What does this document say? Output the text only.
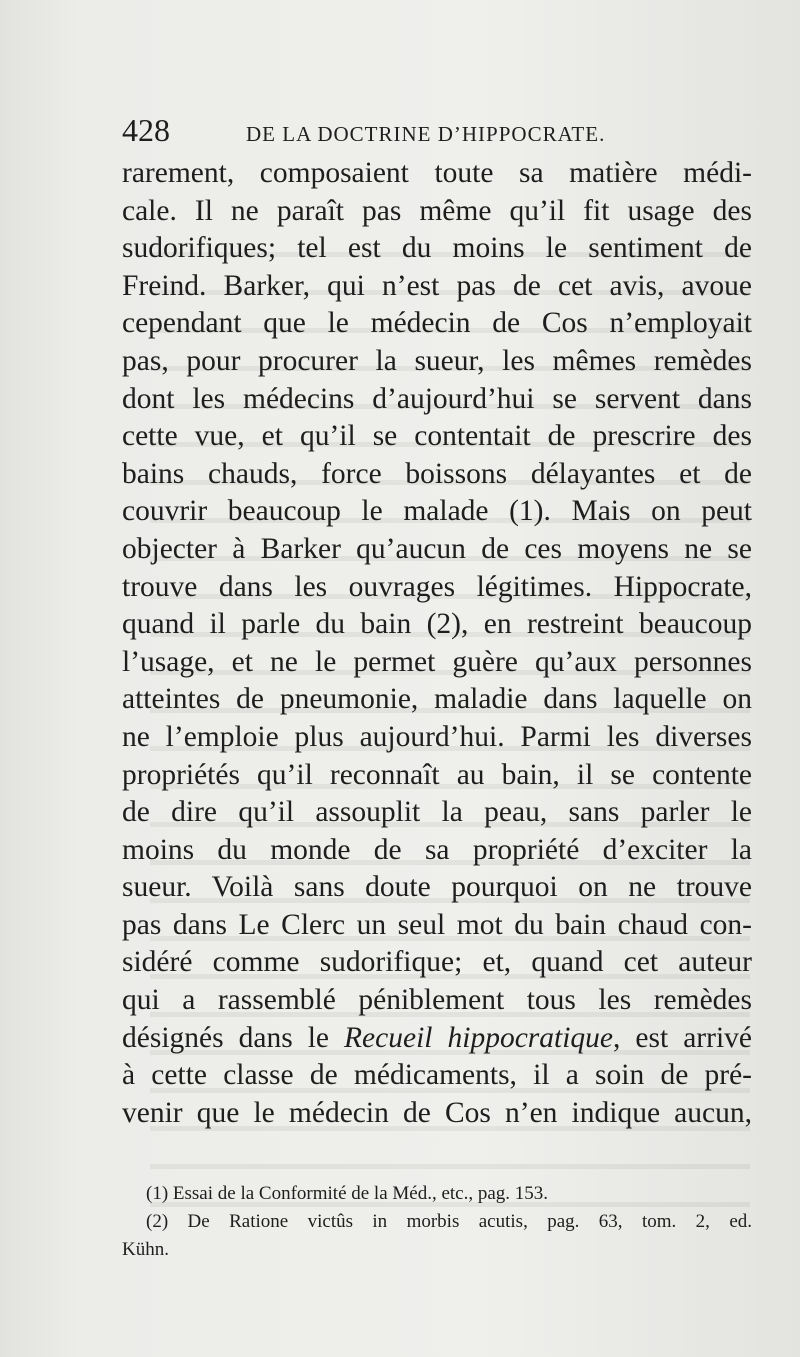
428	DE LA DOCTRINE D’HIPPOCRATE.
rarement, composaient toute sa matière médi-
cale. Il ne paraît pas même qu’il fit usage des
sudorifiques; tel est du moins le sentiment de
Freind. Barker, qui n’est pas de cet avis, avoue
cependant que le médecin de Cos n’employait
pas, pour procurer la sueur, les mêmes remèdes
dont les médecins d’aujourd’hui se servent dans
cette vue, et qu’il se contentait de prescrire des
bains chauds, force boissons délayantes et de
couvrir beaucoup le malade (1). Mais on peut
objecter à Barker qu’aucun de ces moyens ne se
trouve dans les ouvrages légitimes. Hippocrate,
quand il parle du bain (2), en restreint beaucoup
l’usage, et ne le permet guère qu’aux personnes
atteintes de pneumonie, maladie dans laquelle on
ne l’emploie plus aujourd’hui. Parmi les diverses
propriétés qu’il reconnaît au bain, il se contente
de dire qu’il assouplit la peau, sans parler le
moins du monde de sa propriété d’exciter la
sueur. Voilà sans doute pourquoi on ne trouve
pas dans Le Clerc un seul mot du bain chaud con-
sidéré comme sudorifique; et, quand cet auteur
qui a rassemblé péniblement tous les remèdes
désignés dans le Recueil hippocratique, est arrivé
à cette classe de médicaments, il a soin de pré-
venir que le médecin de Cos n’en indique aucun,
(1) Essai de la Conformité de la Méd., etc., pag. 153.
(2) De Ratione victûs in morbis acutis, pag. 63, tom. 2, ed.
Kühn.
